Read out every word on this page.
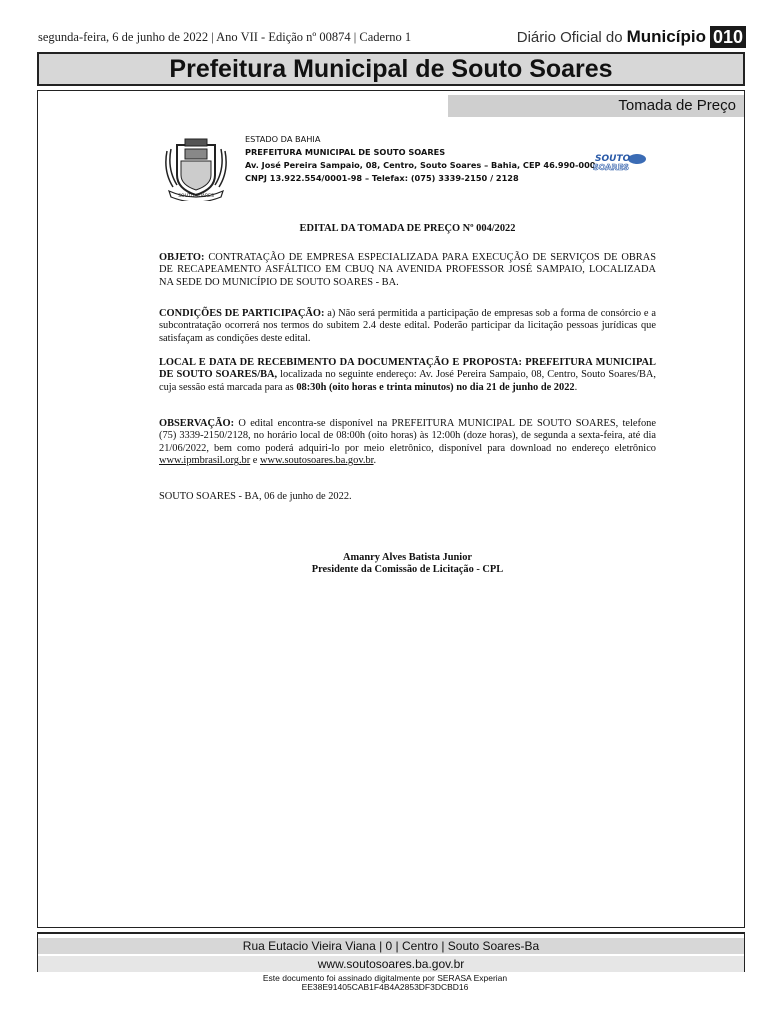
segunda-feira, 6 de junho de 2022 | Ano VII - Edição nº 00874 | Caderno 1	Diário Oficial do Município 010
Prefeitura Municipal de Souto Soares
Tomada de Preço
SOUTO SOARES
ESTADO DA BAHIA
PREFEITURA MUNICIPAL DE SOUTO SOARES
Av. José Pereira Sampaio, 08, Centro, Souto Soares – Bahia, CEP 46.990-000
CNPJ 13.922.554/0001-98 – Telefax: (075) 3339-2150 / 2128
SOUTO
SOARES
EDITAL DA TOMADA DE PREÇO Nº 004/2022
OBJETO: CONTRATAÇÃO DE EMPRESA ESPECIALIZADA PARA EXECUÇÃO DE SERVIÇOS DE OBRAS DE RECAPEAMENTO ASFÁLTICO EM CBUQ NA AVENIDA PROFESSOR JOSÉ SAMPAIO, LOCALIZADA NA SEDE DO MUNICÍPIO DE SOUTO SOARES - BA.
CONDIÇÕES DE PARTICIPAÇÃO: a) Não será permitida a participação de empresas sob a forma de consórcio e a subcontratação ocorrerá nos termos do subitem 2.4 deste edital. Poderão participar da licitação pessoas jurídicas que satisfaçam as condições deste edital.
LOCAL E DATA DE RECEBIMENTO DA DOCUMENTAÇÃO E PROPOSTA: PREFEITURA MUNICIPAL DE SOUTO SOARES/BA, localizada no seguinte endereço: Av. José Pereira Sampaio, 08, Centro, Souto Soares/BA, cuja sessão está marcada para as 08:30h (oito horas e trinta minutos) no dia 21 de junho de 2022.
OBSERVAÇÃO: O edital encontra-se disponível na PREFEITURA MUNICIPAL DE SOUTO SOARES, telefone (75) 3339-2150/2128, no horário local de 08:00h (oito horas) às 12:00h (doze horas), de segunda a sexta-feira, até dia 21/06/2022, bem como poderá adquiri-lo por meio eletrônico, disponível para download no endereço eletrônico www.ipmbrasil.org.br e www.soutosoares.ba.gov.br.
SOUTO SOARES - BA, 06 de junho de 2022.
Amanry Alves Batista Junior
Presidente da Comissão de Licitação - CPL
Rua Eutacio Vieira Viana | 0 | Centro | Souto Soares-Ba
www.soutosoares.ba.gov.br
Este documento foi assinado digitalmente por SERASA Experian
EE38E91405CAB1F4B4A2853DF3DCBD16
